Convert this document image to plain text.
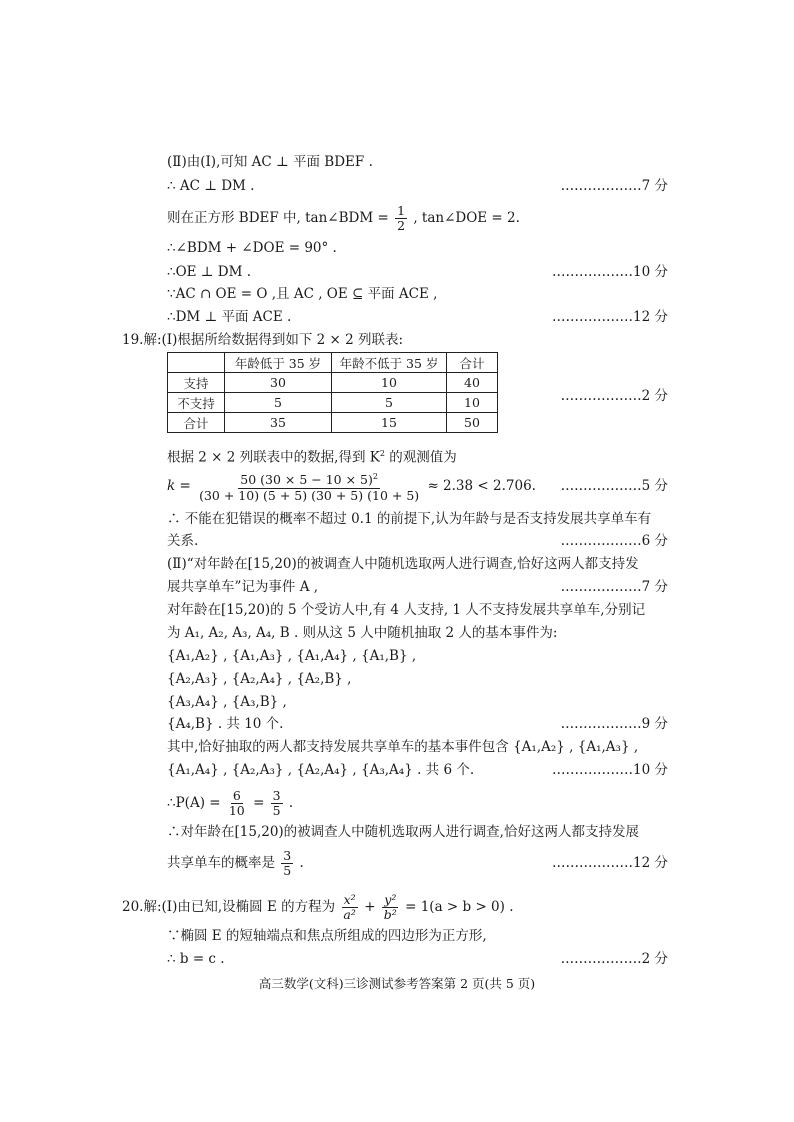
(Ⅱ)由(Ⅰ),可知 AC ⊥ 平面 BDEF .
∴ AC ⊥ DM .	………………7 分
则在正方形 BDEF 中, tan∠BDM = $\frac{1}{2}$ , tan∠DOE = 2.
∴∠BDM + ∠DOE = 90° .
∴OE ⊥ DM .	………………10 分
∵AC ∩ OE = O ,且 AC , OE ⊆ 平面 ACE ,
∴DM ⊥ 平面 ACE .	………………12 分
19.解:(Ⅰ)根据所给数据得到如下 2 × 2 列联表:
	年龄低于 35 岁	年龄不低于 35 岁	合计
支持	30	10	40
不支持	5	5	10
合计	35	15	50
………………2 分
根据 2 × 2 列联表中的数据,得到 $K^2$ 的观测值为
$k = \frac{50 (30 \times 5 - 10 \times 5)^2}{(30 + 10) (5 + 5) (30 + 5) (10 + 5)} \approx 2.38 < 2.706$. ………………5 分
∴ 不能在犯错误的概率不超过 0.1 的前提下,认为年龄与是否支持发展共享单车有
关系.	………………6 分
(Ⅱ)“对年龄在[15,20)的被调查人中随机选取两人进行调查,恰好这两人都支持发
展共享单车”记为事件 A ,	………………7 分
对年龄在[15,20)的 5 个受访人中,有 4 人支持, 1 人不支持发展共享单车,分别记
为 A₁, A₂, A₃, A₄, B . 则从这 5 人中随机抽取 2 人的基本事件为:
{A₁,A₂} , {A₁,A₃} , {A₁,A₄} , {A₁,B} ,
{A₂,A₃} , {A₂,A₄} , {A₂,B} ,
{A₃,A₄} , {A₃,B} ,
{A₄,B} . 共 10 个.	………………9 分
其中,恰好抽取的两人都支持发展共享单车的基本事件包含 {A₁,A₂} , {A₁,A₃} ,
{A₁,A₄} , {A₂,A₃} , {A₂,A₄} , {A₃,A₄} . 共 6 个.	………………10 分
∴P(A) = $\frac{6}{10} = \frac{3}{5}$ .
∴对年龄在[15,20)的被调查人中随机选取两人进行调查,恰好这两人都支持发展
共享单车的概率是 $\frac{3}{5}$ .	………………12 分
20.解:(Ⅰ)由已知,设椭圆 E 的方程为 $\frac{\text{x²}}{\text{a²}} + \frac{\text{y²}}{\text{b²}} = 1(a > b > 0)$ .
∵椭圆 E 的短轴端点和焦点所组成的四边形为正方形,
∴ b = c .	………………2 分
高三数学(文科)三诊测试参考答案第 2 页(共 5 页)
